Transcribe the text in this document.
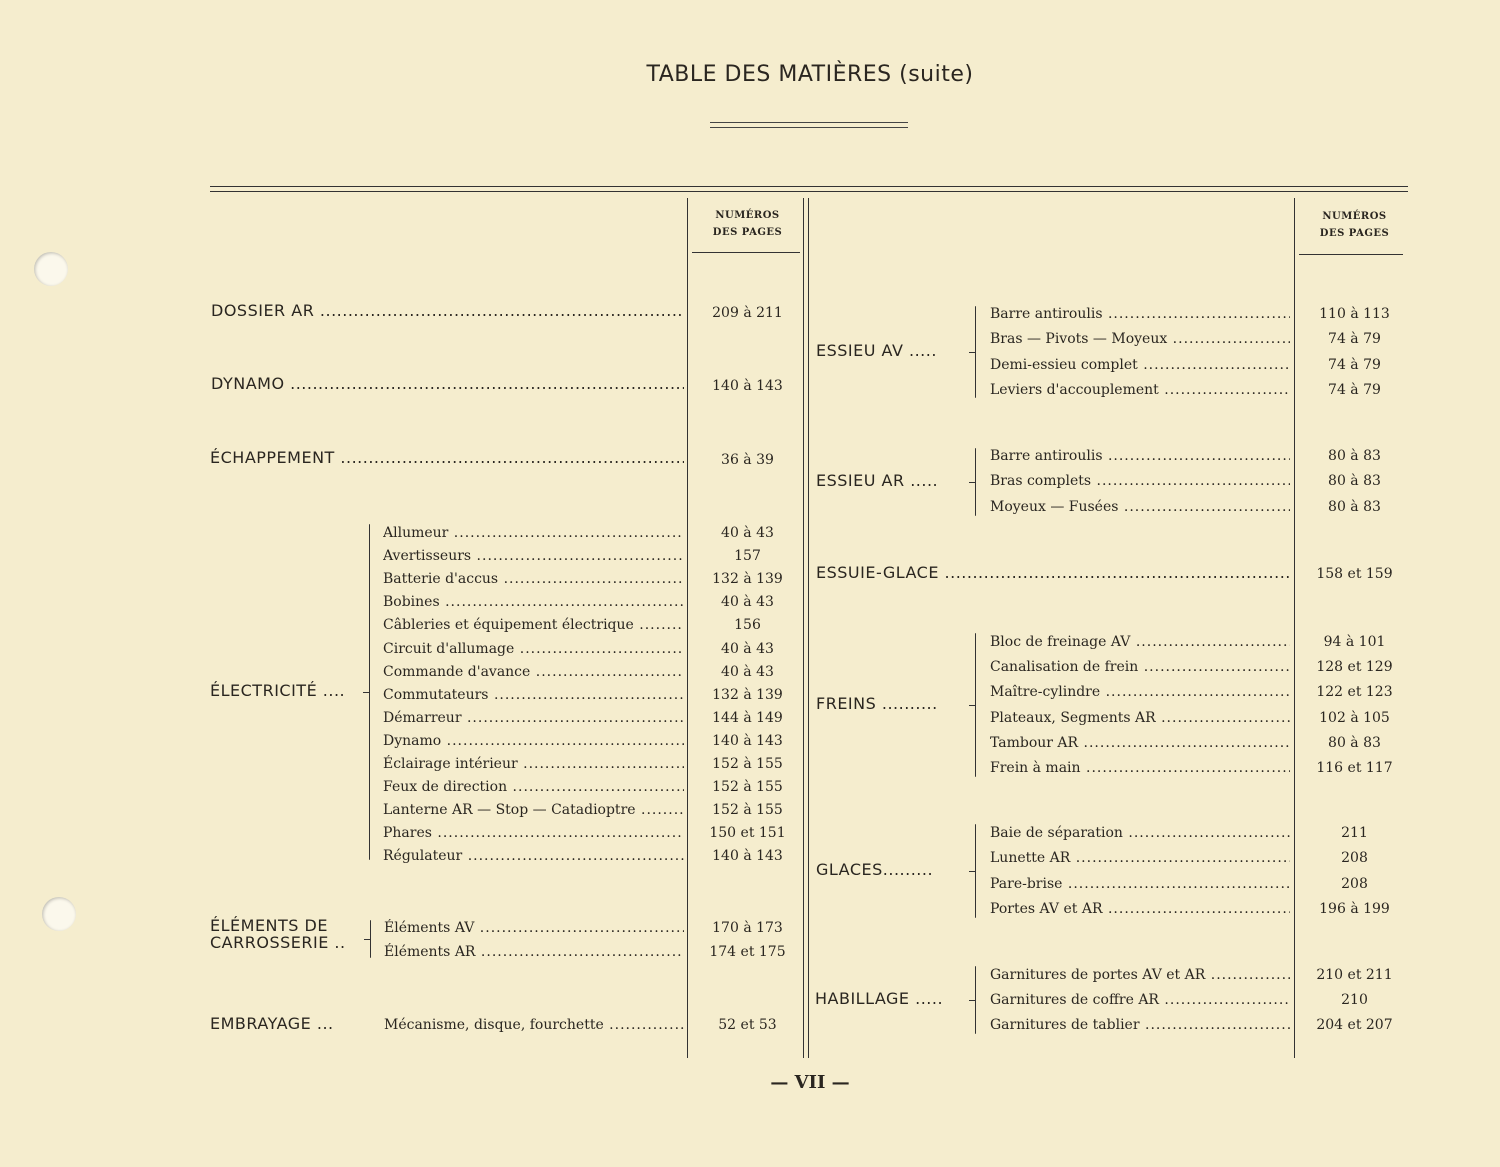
TABLE DES MATIÈRES (suite)
NUMÉROS
DES PAGES
NUMÉROS
DES PAGES
DOSSIER AR .....	209 à 211
DYNAMO .....	140 à 143
ÉCHAPPEMENT .....	36 à 39
ÉLECTRICITÉ ....
Allumeur .....	40 à 43
Avertisseurs .....	157
Batterie d'accus .....	132 à 139
Bobines .....	40 à 43
Câbleries et équipement électrique .....	156
Circuit d'allumage .....	40 à 43
Commande d'avance .....	40 à 43
Commutateurs .....	132 à 139
Démarreur .....	144 à 149
Dynamo .....	140 à 143
Éclairage intérieur .....	152 à 155
Feux de direction .....	152 à 155
Lanterne AR — Stop — Catadioptre .....	152 à 155
Phares .....	150 et 151
Régulateur .....	140 à 143
ÉLÉMENTS DE
CARROSSERIE ..
Éléments AV .....	170 à 173
Éléments AR .....	174 et 175
EMBRAYAGE ...	Mécanisme, disque, fourchette .....	52 et 53
ESSIEU AV .....
Barre antiroulis .....	110 à 113
Bras — Pivots — Moyeux .....	74 à 79
Demi-essieu complet .....	74 à 79
Leviers d'accouplement .....	74 à 79
ESSIEU AR .....
Barre antiroulis .....	80 à 83
Bras complets .....	80 à 83
Moyeux — Fusées .....	80 à 83
ESSUIE-GLACE .....	158 et 159
FREINS ..........
Bloc de freinage AV .....	94 à 101
Canalisation de frein .....	128 et 129
Maître-cylindre .....	122 et 123
Plateaux, Segments AR .....	102 à 105
Tambour AR .....	80 à 83
Frein à main .....	116 et 117
GLACES.........
Baie de séparation .....	211
Lunette AR .....	208
Pare-brise .....	208
Portes AV et AR .....	196 à 199
HABILLAGE .....
Garnitures de portes AV et AR .....	210 et 211
Garnitures de coffre AR .....	210
Garnitures de tablier .....	204 et 207
— VII —
